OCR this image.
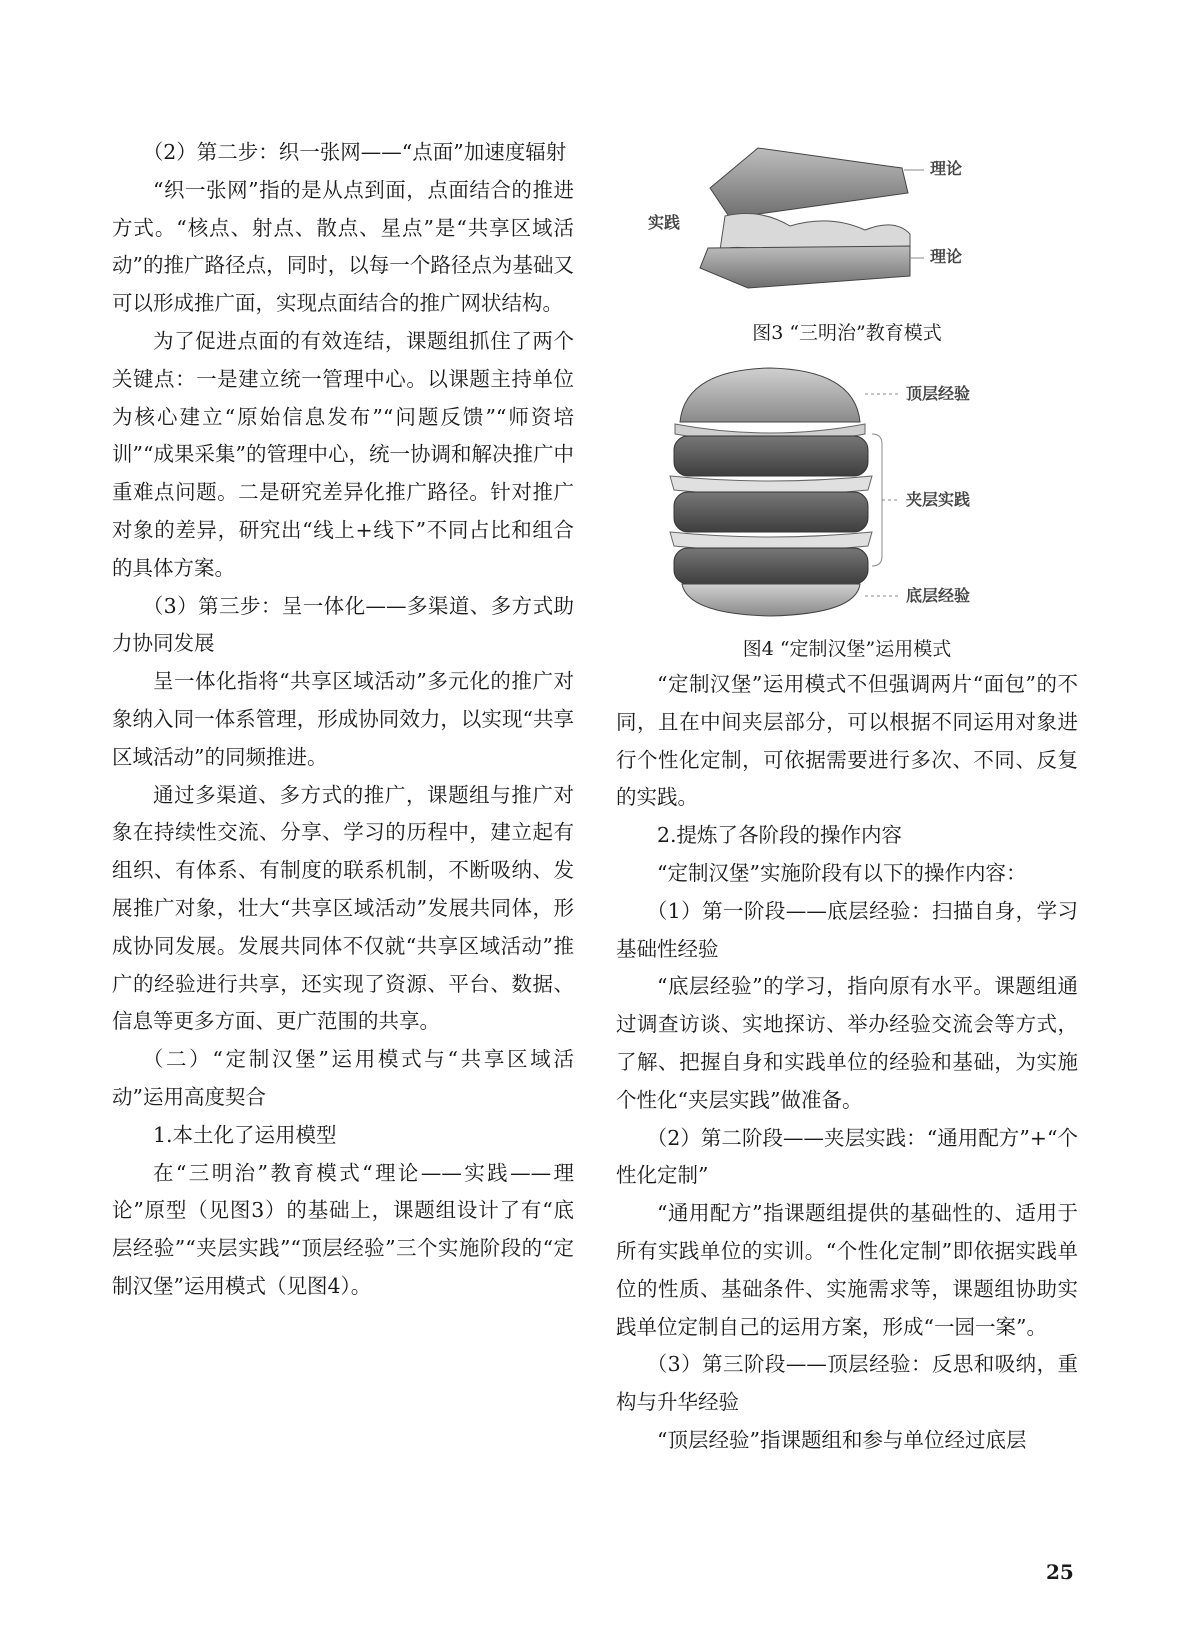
（2）第二步：织一张网——“点面”加速度辐射

“织一张网”指的是从点到面，点面结合的推进方式。“核点、射点、散点、星点”是“共享区域活动”的推广路径点，同时，以每一个路径点为基础又可以形成推广面，实现点面结合的推广网状结构。

为了促进点面的有效连结，课题组抓住了两个关键点：一是建立统一管理中心。以课题主持单位为核心建立“原始信息发布”“问题反馈”“师资培训”“成果采集”的管理中心，统一协调和解决推广中重难点问题。二是研究差异化推广路径。针对推广对象的差异，研究出“线上+线下”不同占比和组合的具体方案。

（3）第三步：呈一体化——多渠道、多方式助力协同发展

呈一体化指将“共享区域活动”多元化的推广对象纳入同一体系管理，形成协同效力，以实现“共享区域活动”的同频推进。

通过多渠道、多方式的推广，课题组与推广对象在持续性交流、分享、学习的历程中，建立起有组织、有体系、有制度的联系机制，不断吸纳、发展推广对象，壮大“共享区域活动”发展共同体，形成协同发展。发展共同体不仅就“共享区域活动”推广的经验进行共享，还实现了资源、平台、数据、信息等更多方面、更广范围的共享。

（二）“定制汉堡”运用模式与“共享区域活动”运用高度契合

1.本土化了运用模型

在“三明治”教育模式“理论——实践——理论”原型（见图3）的基础上，课题组设计了有“底层经验”“夹层实践”“顶层经验”三个实施阶段的“定制汉堡”运用模式（见图4）。

理论
实践
理论

图3 “三明治”教育模式

顶层经验
夹层实践
底层经验

图4 “定制汉堡”运用模式

“定制汉堡”运用模式不但强调两片“面包”的不同，且在中间夹层部分，可以根据不同运用对象进行个性化定制，可依据需要进行多次、不同、反复的实践。

2.提炼了各阶段的操作内容

“定制汉堡”实施阶段有以下的操作内容：

（1）第一阶段——底层经验：扫描自身，学习基础性经验

“底层经验”的学习，指向原有水平。课题组通过调查访谈、实地探访、举办经验交流会等方式，了解、把握自身和实践单位的经验和基础，为实施个性化“夹层实践”做准备。

（2）第二阶段——夹层实践：“通用配方”+“个性化定制”

“通用配方”指课题组提供的基础性的、适用于所有实践单位的实训。“个性化定制”即依据实践单位的性质、基础条件、实施需求等，课题组协助实践单位定制自己的运用方案，形成“一园一案”。

（3）第三阶段——顶层经验：反思和吸纳，重构与升华经验

“顶层经验”指课题组和参与单位经过底层

25
